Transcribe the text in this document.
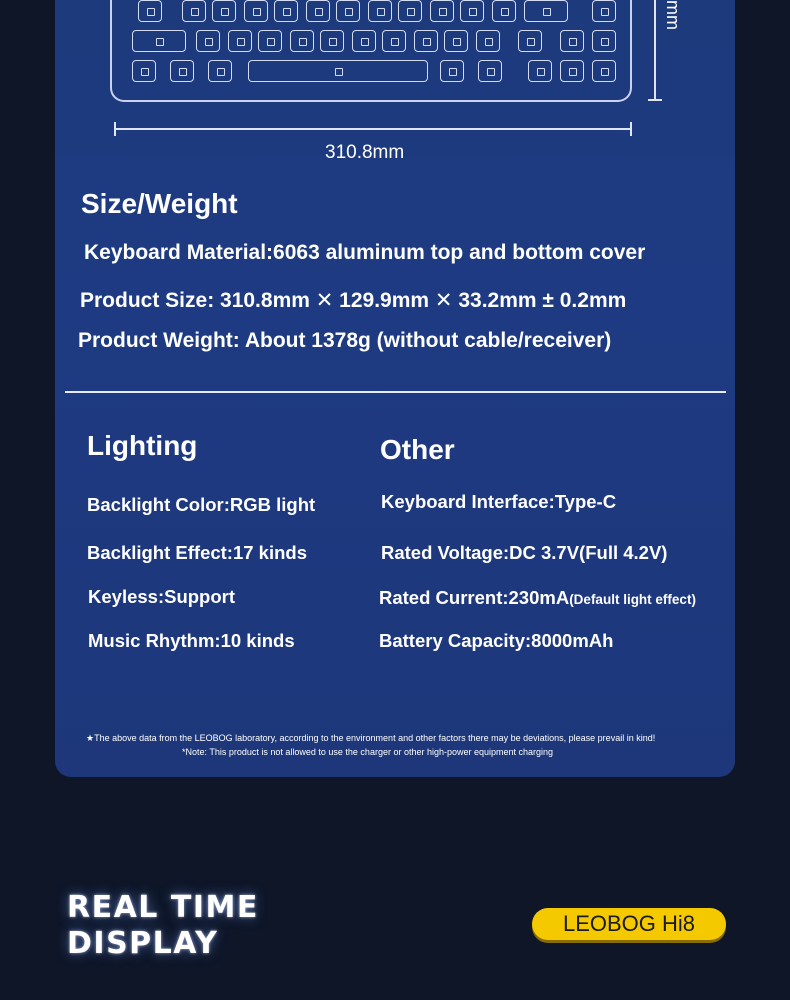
mm
310.8mm
Size/Weight
Keyboard Material:6063 aluminum top and bottom cover
Product Size: 310.8mm ✕ 129.9mm ✕ 33.2mm ± 0.2mm
Product Weight: About 1378g (without cable/receiver)
Lighting
Backlight Color:RGB light
Backlight Effect:17 kinds
Keyless:Support
Music Rhythm:10 kinds
Other
Keyboard Interface:Type-C
Rated Voltage:DC 3.7V(Full 4.2V)
Rated Current:230mA(Default light effect)
Battery Capacity:8000mAh
★The above data from the LEOBOG laboratory, according to the environment and other factors there may be deviations, please prevail in kind!
*Note: This product is not allowed to use the charger or other high-power equipment charging
REAL TIME
DISPLAY
LEOBOG Hi8
